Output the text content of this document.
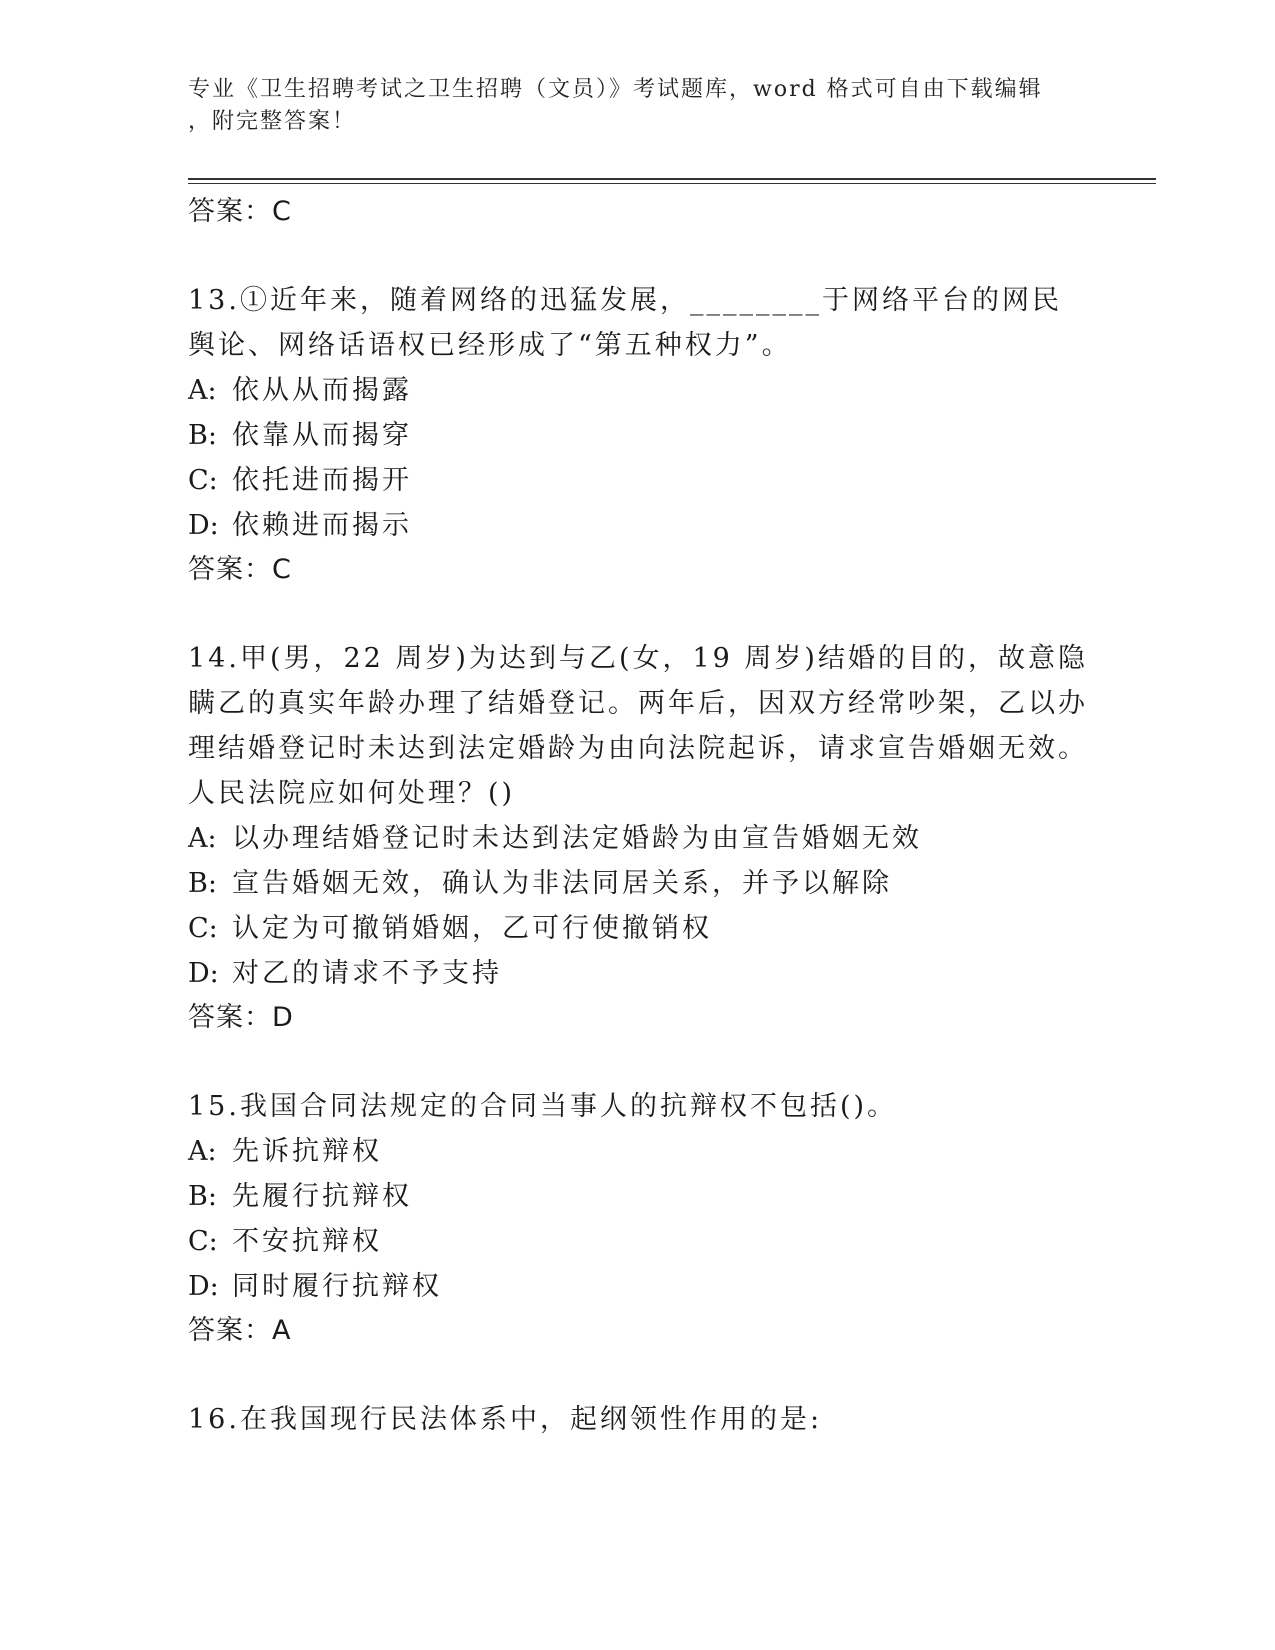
专业《卫生招聘考试之卫生招聘（文员）》考试题库，word 格式可自由下载编辑
，附完整答案！

答案：C

13.①近年来，随着网络的迅猛发展，________于网络平台的网民舆论、网络话语权已经形成了“第五种权力”。

A: 依从从而揭露

B: 依靠从而揭穿

C: 依托进而揭开

D: 依赖进而揭示

答案：C

14.甲(男，22 周岁)为达到与乙(女，19 周岁)结婚的目的，故意隐瞒乙的真实年龄办理了结婚登记。两年后，因双方经常吵架，乙以办理结婚登记时未达到法定婚龄为由向法院起诉，请求宣告婚姻无效。人民法院应如何处理？()

A: 以办理结婚登记时未达到法定婚龄为由宣告婚姻无效

B: 宣告婚姻无效，确认为非法同居关系，并予以解除

C: 认定为可撤销婚姻，乙可行使撤销权

D: 对乙的请求不予支持

答案：D

15.我国合同法规定的合同当事人的抗辩权不包括()。

A: 先诉抗辩权

B: 先履行抗辩权

C: 不安抗辩权

D: 同时履行抗辩权

答案：A

16.在我国现行民法体系中，起纲领性作用的是:
